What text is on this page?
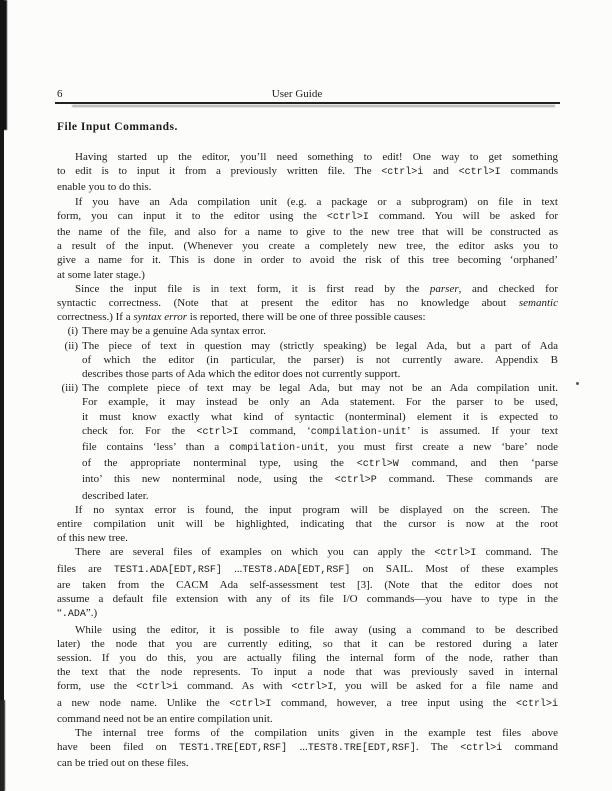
6	User Guide
File Input Commands.
Having started up the editor, you’ll need something to edit! One way to get something
to edit is to input it from a previously written file. The <ctrl>i and <ctrl>I commands
enable you to do this.
If you have an Ada compilation unit (e.g. a package or a subprogram) on file in text
form, you can input it to the editor using the <ctrl>I command. You will be asked for
the name of the file, and also for a name to give to the new tree that will be constructed as
a result of the input. (Whenever you create a completely new tree, the editor asks you to
give a name for it. This is done in order to avoid the risk of this tree becoming ‘orphaned’
at some later stage.)
Since the input file is in text form, it is first read by the parser, and checked for
syntactic correctness. (Note that at present the editor has no knowledge about semantic
correctness.) If a syntax error is reported, there will be one of three possible causes:
(i) There may be a genuine Ada syntax error.
(ii) The piece of text in question may (strictly speaking) be legal Ada, but a part of Ada
of which the editor (in particular, the parser) is not currently aware. Appendix B
describes those parts of Ada which the editor does not currently support.
(iii) The complete piece of text may be legal Ada, but may not be an Ada compilation unit.
For example, it may instead be only an Ada statement. For the parser to be used,
it must know exactly what kind of syntactic (nonterminal) element it is expected to
check for. For the <ctrl>I command, ‘compilation-unit’ is assumed. If your text
file contains ‘less’ than a compilation-unit, you must first create a new ‘bare’ node
of the appropriate nonterminal type, using the <ctrl>W command, and then ‘parse
into’ this new nonterminal node, using the <ctrl>P command. These commands are
described later.
If no syntax error is found, the input program will be displayed on the screen. The
entire compilation unit will be highlighted, indicating that the cursor is now at the root
of this new tree.
There are several files of examples on which you can apply the <ctrl>I command. The
files are TEST1.ADA[EDT,RSF] ...TEST8.ADA[EDT,RSF] on SAIL. Most of these examples
are taken from the CACM Ada self-assessment test [3]. (Note that the editor does not
assume a default file extension with any of its file I/O commands—you have to type in the
“.ADA”.)
While using the editor, it is possible to file away (using a command to be described
later) the node that you are currently editing, so that it can be restored during a later
session. If you do this, you are actually filing the internal form of the node, rather than
the text that the node represents. To input a node that was previously saved in internal
form, use the <ctrl>i command. As with <ctrl>I, you will be asked for a file name and
a new node name. Unlike the <ctrl>I command, however, a tree input using the <ctrl>i
command need not be an entire compilation unit.
The internal tree forms of the compilation units given in the example test files above
have been filed on TEST1.TRE[EDT,RSF] ...TEST8.TRE[EDT,RSF]. The <ctrl>i command
can be tried out on these files.
